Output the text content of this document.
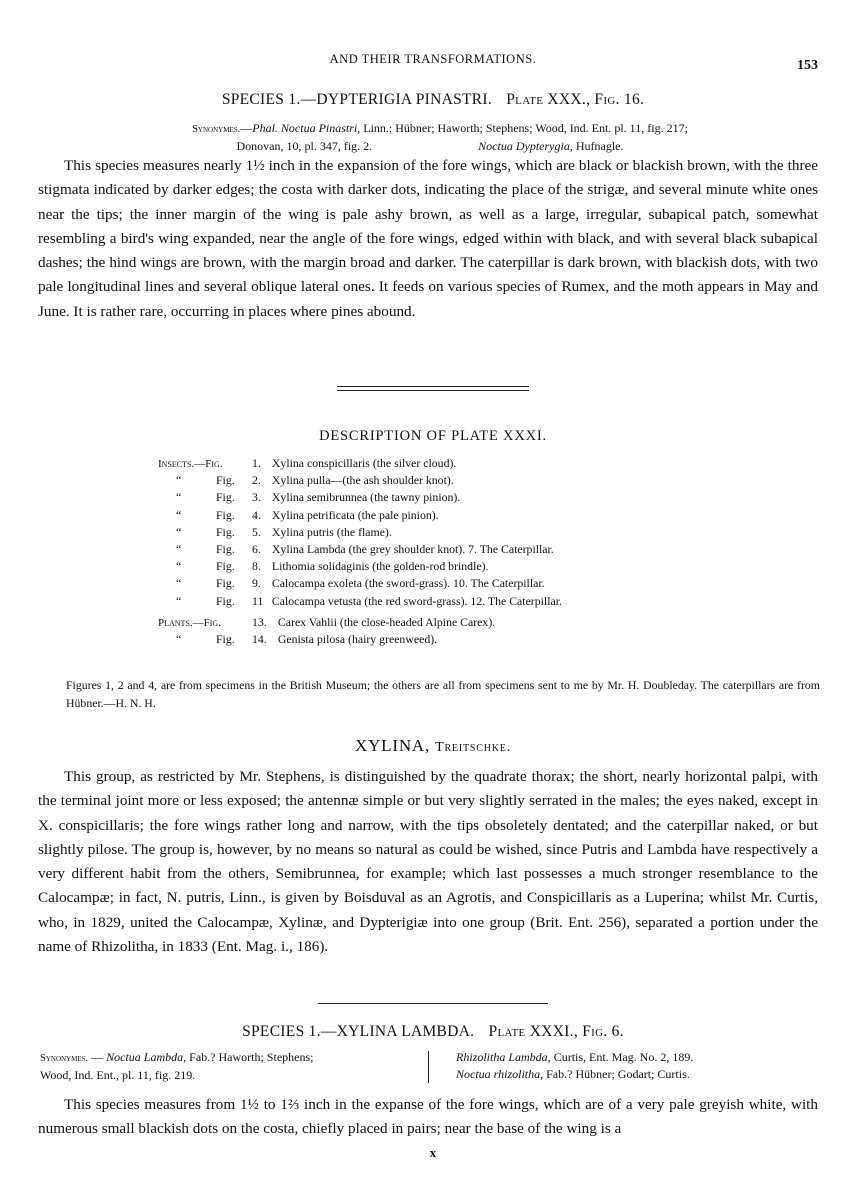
AND THEIR TRANSFORMATIONS.	153
SPECIES 1.—DYPTERIGIA PINASTRI. Plate XXX., Fig. 16.
Synonymes.—Phal. Noctua Pinastri, Linn.; Hübner; Haworth; Stephens; Wood, Ind. Ent. pl. 11, fig. 217;
Donovan, 10, pl. 347, fig. 2.	Noctua Dypterygia, Hufnagle.

This species measures nearly 1½ inch in the expansion of the fore wings, which are black or blackish brown, with the three stigmata indicated by darker edges; the costa with darker dots, indicating the place of the strigæ, and several minute white ones near the tips; the inner margin of the wing is pale ashy brown, as well as a large, irregular, subapical patch, somewhat resembling a bird's wing expanded, near the angle of the fore wings, edged within with black, and with several black subapical dashes; the hind wings are brown, with the margin broad and darker. The caterpillar is dark brown, with blackish dots, with two pale longitudinal lines and several oblique lateral ones. It feeds on various species of Rumex, and the moth appears in May and June. It is rather rare, occurring in places where pines abound.

DESCRIPTION OF PLATE XXXI.
Insects.—Fig. 1. Xylina conspicillaris (the silver cloud).
“	Fig. 2. Xylina pulla—(the ash shoulder knot).
“	Fig. 3. Xylina semibrunnea (the tawny pinion).
“	Fig. 4. Xylina petrificata (the pale pinion).
“	Fig. 5. Xylina putris (the flame).
“	Fig. 6. Xylina Lambda (the grey shoulder knot). 7. The Caterpillar.
“	Fig. 8. Lithomia solidaginis (the golden-rod brindle).
“	Fig. 9. Calocampa exoleta (the sword-grass). 10. The Caterpillar.
“	Fig. 11 Calocampa vetusta (the red sword-grass). 12. The Caterpillar.
Plants.—Fig.	13. Carex Vahlii (the close-headed Alpine Carex).
“	Fig. 14. Genista pilosa (hairy greenweed).

Figures 1, 2 and 4, are from specimens in the British Museum; the others are all from specimens sent to me by Mr. H. Doubleday. The caterpillars are from Hübner.—H. N. H.

XYLINA, Treitschke.

This group, as restricted by Mr. Stephens, is distinguished by the quadrate thorax; the short, nearly horizontal palpi, with the terminal joint more or less exposed; the antennæ simple or but very slightly serrated in the males; the eyes naked, except in X. conspicillaris; the fore wings rather long and narrow, with the tips obsoletely dentated; and the caterpillar naked, or but slightly pilose. The group is, however, by no means so natural as could be wished, since Putris and Lambda have respectively a very different habit from the others, Semibrunnea, for example; which last possesses a much stronger resemblance to the Calocampæ; in fact, N. putris, Linn., is given by Boisduval as an Agrotis, and Conspicillaris as a Luperina; whilst Mr. Curtis, who, in 1829, united the Calocampæ, Xylinæ, and Dypterigiæ into one group (Brit. Ent. 256), separated a portion under the name of Rhizolitha, in 1833 (Ent. Mag. i., 186).

SPECIES 1.—XYLINA LAMBDA. Plate XXXI., Fig. 6.
Synonymes. — Noctua Lambda, Fab.? Haworth; Stephens;
Wood, Ind. Ent., pl. 11, fig. 219.
Rhizolitha Lambda, Curtis, Ent. Mag. No. 2, 189.
Noctua rhizolitha, Fab.? Hübner; Godart; Curtis.

This species measures from 1½ to 1⅔ inch in the expanse of the fore wings, which are of a very pale greyish white, with numerous small blackish dots on the costa, chiefly placed in pairs; near the base of the wing is a

x
